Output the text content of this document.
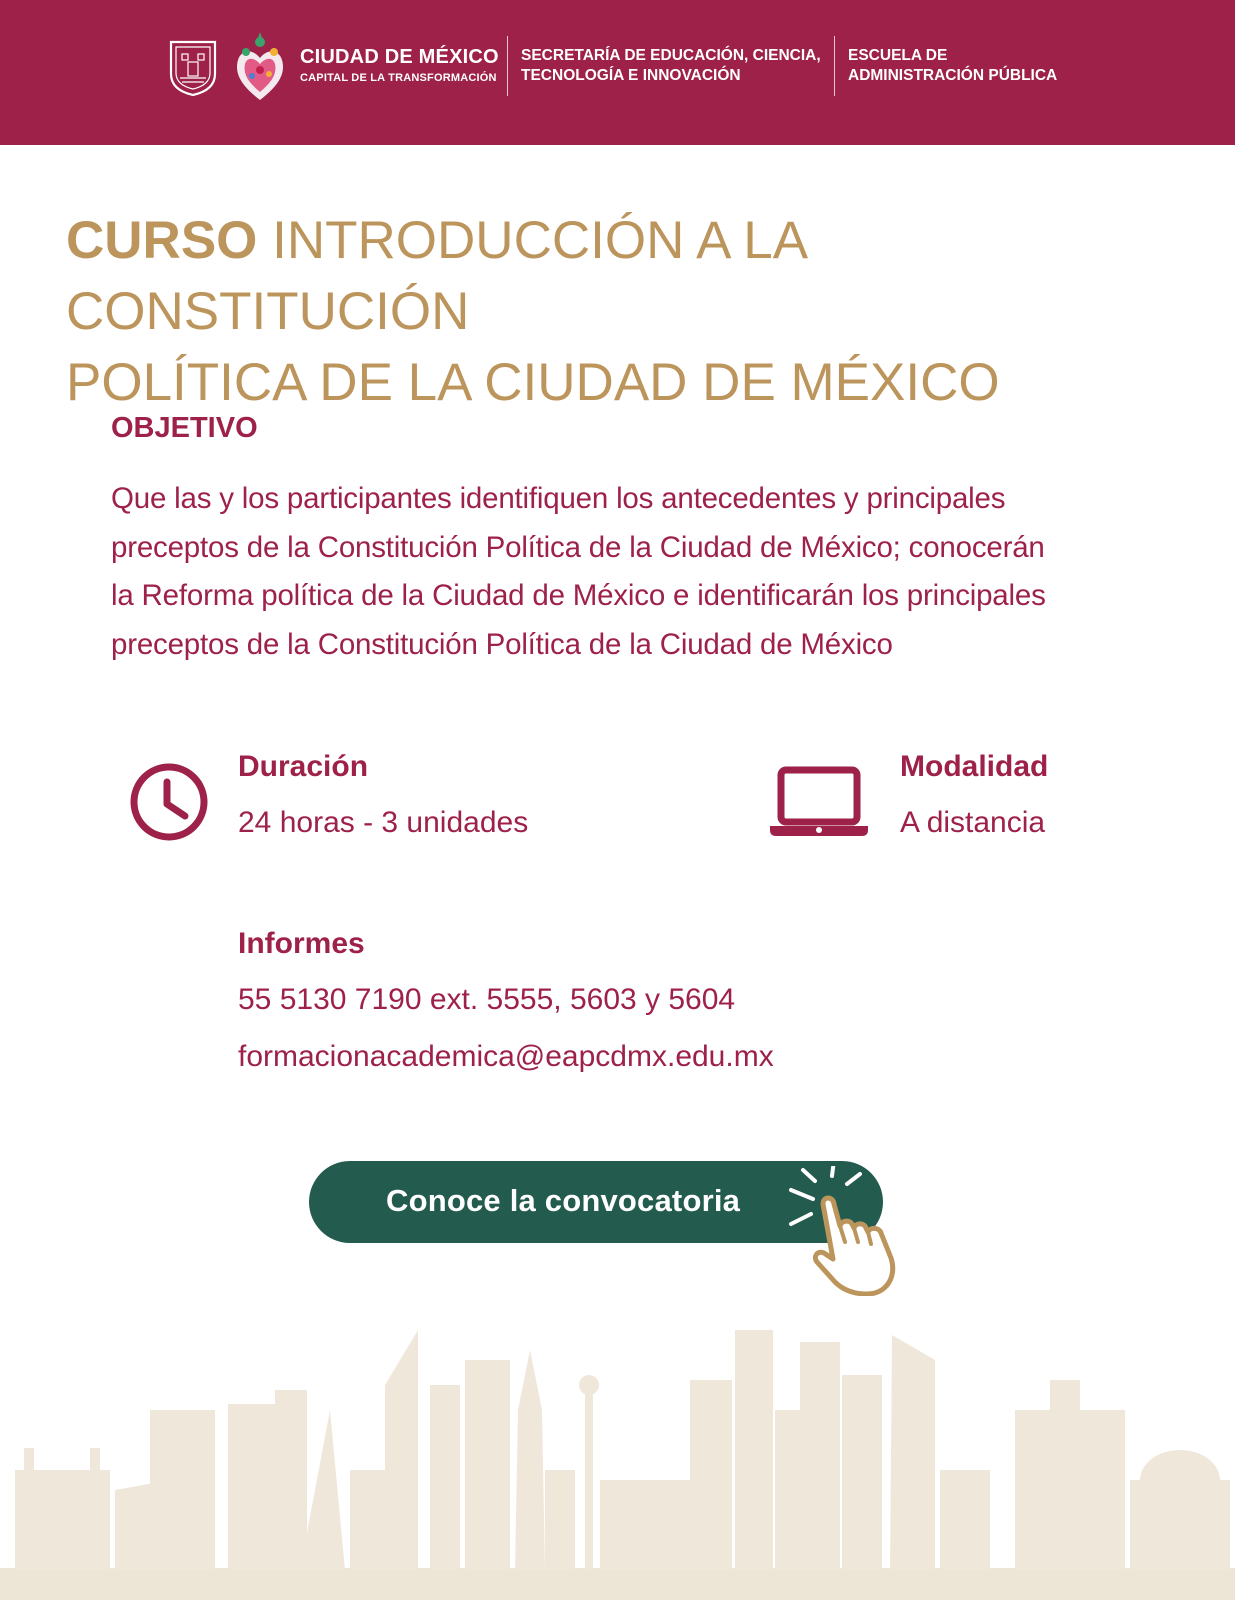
CIUDAD DE MÉXICO
CAPITAL DE LA TRANSFORMACIÓN
SECRETARÍA DE EDUCACIÓN, CIENCIA,
TECNOLOGÍA E INNOVACIÓN
ESCUELA DE
ADMINISTRACIÓN PÚBLICA
CURSO INTRODUCCIÓN A LA CONSTITUCIÓN
POLÍTICA DE LA CIUDAD DE MÉXICO
OBJETIVO
Que las y los participantes identifiquen los antecedentes y principales
preceptos de la Constitución Política de la Ciudad de México; conocerán
la Reforma política de la Ciudad de México e identificarán los principales
preceptos de la Constitución Política de la Ciudad de México
Duración
24 horas - 3 unidades
Modalidad
A distancia
Informes
55 5130 7190 ext. 5555, 5603 y 5604
formacionacademica@eapcdmx.edu.mx
Conoce la convocatoria
